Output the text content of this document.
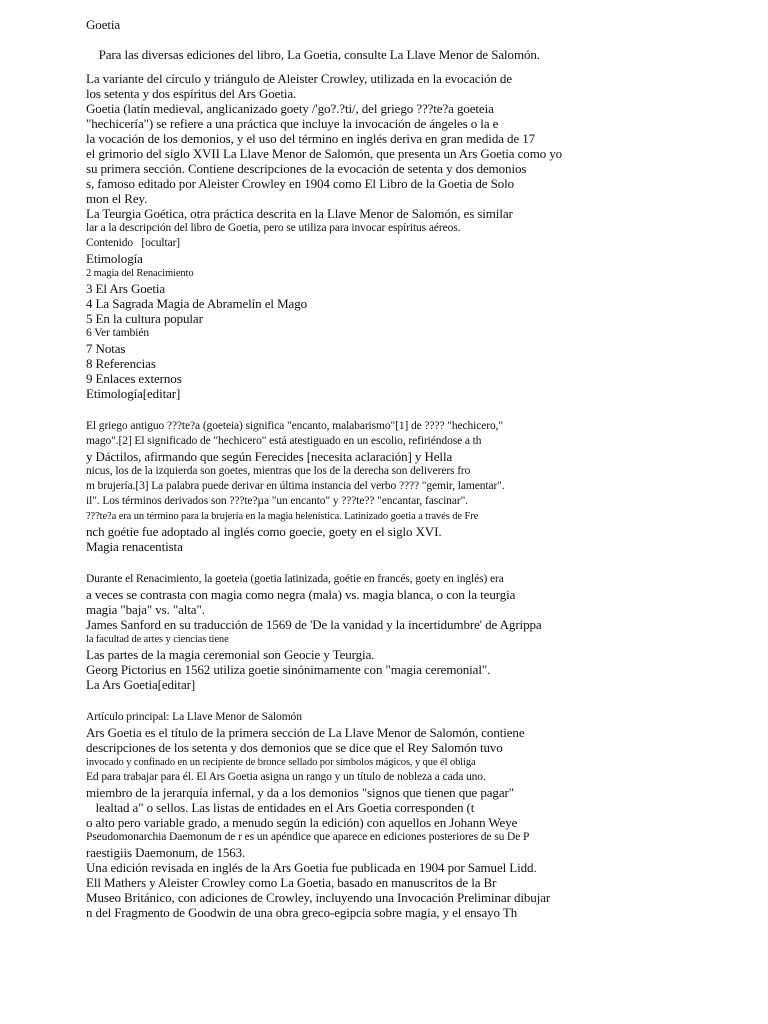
Goetia

Para las diversas ediciones del libro, La Goetia, consulte La Llave Menor de Salomón.

La variante del círculo y triángulo de Aleister Crowley, utilizada en la evocación de
los setenta y dos espíritus del Ars Goetia.
Goetia (latín medieval, anglicanizado goety /'go?.?ti/, del griego ???te?a goeteia
"hechicería") se refiere a una práctica que incluye la invocación de ángeles o la e
la vocación de los demonios, y el uso del término en inglés deriva en gran medida de 17
el grimorio del siglo XVII La Llave Menor de Salomón, que presenta un Ars Goetia como yo
su primera sección. Contiene descripciones de la evocación de setenta y dos demonios
s, famoso editado por Aleister Crowley en 1904 como El Libro de la Goetia de Solo
mon el Rey.
La Teurgia Goética, otra práctica descrita en la Llave Menor de Salomón, es similar
lar a la descripción del libro de Goetia, pero se utiliza para invocar espíritus aéreos.
Contenido [ocultar]
Etimología
2 magia del Renacimiento
3 El Ars Goetia
4 La Sagrada Magia de Abramelín el Mago
5 En la cultura popular
6 Ver también
7 Notas
8 Referencias
9 Enlaces externos
Etimología[editar]
El griego antiguo ???te?a (goeteia) significa "encanto, malabarismo"[1] de ???? "hechicero,"
mago".[2] El significado de "hechicero" está atestiguado en un escolio, refiriéndose a th
y Dáctilos, afirmando que según Ferecides [necesita aclaración] y Hella
nicus, los de la izquierda son goetes, mientras que los de la derecha son deliverers fro
m brujería.[3] La palabra puede derivar en última instancia del verbo ???? "gemir, lamentar".
il". Los términos derivados son ???te?µa "un encanto" y ???te?? "encantar, fascinar".
???te?a era un término para la brujería en la magia helenística. Latinizado goetia a través de Fre
nch goétie fue adoptado al inglés como goecie, goety en el siglo XVI.
Magia renacentista
Durante el Renacimiento, la goeteia (goetia latinizada, goétie en francés, goety en inglés) era
a veces se contrasta con magia como negra (mala) vs. magia blanca, o con la teurgia
magia "baja" vs. "alta".
James Sanford en su traducción de 1569 de 'De la vanidad y la incertidumbre' de Agrippa
la facultad de artes y ciencias tiene
Las partes de la magia ceremonial son Geocie y Teurgia.
Georg Pictorius en 1562 utiliza goetie sinónimamente con "magia ceremonial".
La Ars Goetia[editar]
Artículo principal: La Llave Menor de Salomón
Ars Goetia es el título de la primera sección de La Llave Menor de Salomón, contiene
descripciones de los setenta y dos demonios que se dice que el Rey Salomón tuvo
invocado y confinado en un recipiente de bronce sellado por símbolos mágicos, y que él obliga
Ed para trabajar para él. El Ars Goetia asigna un rango y un título de nobleza a cada uno.
miembro de la jerarquía infernal, y da a los demonios "signos que tienen que pagar"
lealtad a" o sellos. Las listas de entidades en el Ars Goetia corresponden (t
o alto pero variable grado, a menudo según la edición) con aquellos en Johann Weye
Pseudomonarchia Daemonum de r es un apéndice que aparece en ediciones posteriores de su De P
raestigiis Daemonum, de 1563.
Una edición revisada en inglés de la Ars Goetia fue publicada en 1904 por Samuel Lidd.
Ell Mathers y Aleister Crowley como La Goetia, basado en manuscritos de la Br
Museo Británico, con adiciones de Crowley, incluyendo una Invocación Preliminar dibujar
n del Fragmento de Goodwin de una obra greco-egipcia sobre magia, y el ensayo Th
